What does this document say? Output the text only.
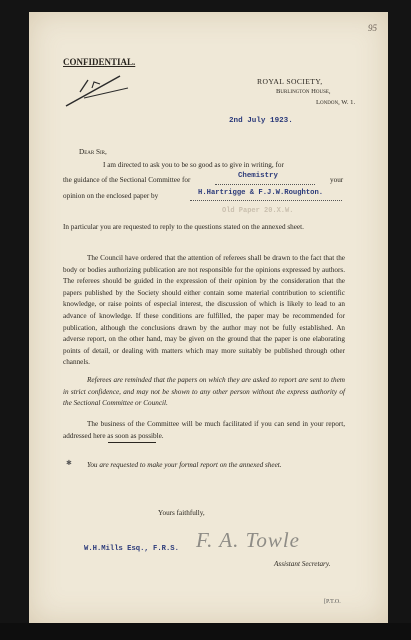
95
CONFIDENTIAL.
ROYAL SOCIETY,
Burlington House,
London, W. 1.
2nd July 1923.
Dear Sir,
I am directed to ask you to be so good as to give in writing, for
the guidance of the Sectional Committee for	Chemistry	your
opinion on the enclosed paper by	H.Hartrigge & F.J.W.Roughton.
Old Paper 20.X.W.
In particular you are requested to reply to the questions stated on the annexed sheet.
The Council have ordered that the attention of referees shall be drawn to the fact that the body or bodies authorizing publication are not responsible for the opinions expressed by authors. The referees should be guided in the expression of their opinion by the consideration that the papers published by the Society should either contain some material contribution to scientific knowledge, or raise points of especial interest, the discussion of which is likely to lead to an advance of knowledge. If these conditions are fulfilled, the paper may be recommended for publication, although the conclusions drawn by the author may not be fully established. An adverse report, on the other hand, may be given on the ground that the paper is one elaborating points of detail, or dealing with matters which may more suitably be published through other channels.
Referees are reminded that the papers on which they are asked to report are sent to them in strict confidence, and may not be shown to any other person without the express authority of the Sectional Committee or Council.
The business of the Committee will be much facilitated if you can send in your report, addressed here as soon as possible.
You are requested to make your formal report on the annexed sheet.
✱
Yours faithfully,
W.H.Mills Esq., F.R.S. F. A. Towle
Assistant Secretary.
[P.T.O.
